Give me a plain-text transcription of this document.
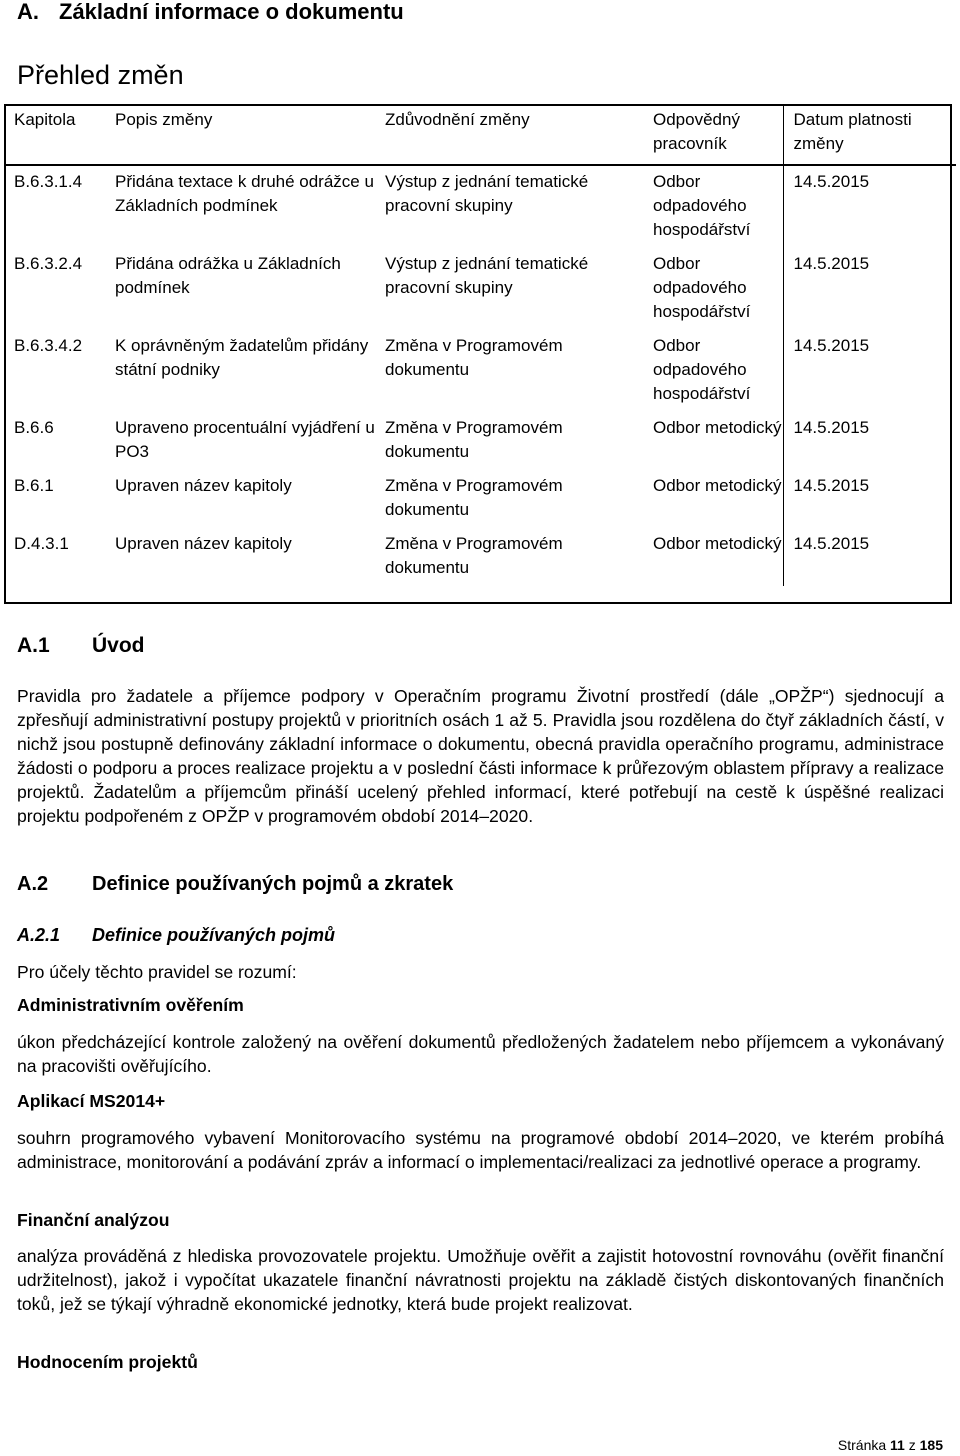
A. Základní informace o dokumentu
Přehled změn
Kapitola	Popis změny	Zdůvodnění změny	Odpovědný pracovník	Datum platnosti změny
B.6.3.1.4	Přidána textace k druhé odrážce u Základních podmínek	Výstup z jednání tematické pracovní skupiny	Odbor odpadového hospodářství	14.5.2015
B.6.3.2.4	Přidána odrážka u Základních podmínek	Výstup z jednání tematické pracovní skupiny	Odbor odpadového hospodářství	14.5.2015
B.6.3.4.2	K oprávněným žadatelům přidány státní podniky	Změna v Programovém dokumentu	Odbor odpadového hospodářství	14.5.2015
B.6.6	Upraveno procentuální vyjádření u PO3	Změna v Programovém dokumentu	Odbor metodický	14.5.2015
B.6.1	Upraven název kapitoly	Změna v Programovém dokumentu	Odbor metodický	14.5.2015
D.4.3.1	Upraven název kapitoly	Změna v Programovém dokumentu	Odbor metodický	14.5.2015
A.1 Úvod
Pravidla pro žadatele a příjemce podpory v Operačním programu Životní prostředí (dále „OPŽP“) sjednocují a zpřesňují administrativní postupy projektů v prioritních osách 1 až 5. Pravidla jsou rozdělena do čtyř základních částí, v nichž jsou postupně definovány základní informace o dokumentu, obecná pravidla operačního programu, administrace žádosti o podporu a proces realizace projektu a v poslední části informace k průřezovým oblastem přípravy a realizace projektů. Žadatelům a příjemcům přináší ucelený přehled informací, které potřebují na cestě k úspěšné realizaci projektu podpořeném z OPŽP v programovém období 2014–2020.
A.2 Definice používaných pojmů a zkratek
A.2.1 Definice používaných pojmů
Pro účely těchto pravidel se rozumí:
Administrativním ověřením
úkon předcházející kontrole založený na ověření dokumentů předložených žadatelem nebo příjemcem a vykonávaný na pracovišti ověřujícího.
Aplikací MS2014+
souhrn programového vybavení Monitorovacího systému na programové období 2014–2020, ve kterém probíhá administrace, monitorování a podávání zpráv a informací o implementaci/realizaci za jednotlivé operace a programy.
Finanční analýzou
analýza prováděná z hlediska provozovatele projektu. Umožňuje ověřit a zajistit hotovostní rovnováhu (ověřit finanční udržitelnost), jakož i vypočítat ukazatele finanční návratnosti projektu na základě čistých diskontovaných finančních toků, jež se týkají výhradně ekonomické jednotky, která bude projekt realizovat.
Hodnocením projektů
Stránka 11 z 185
